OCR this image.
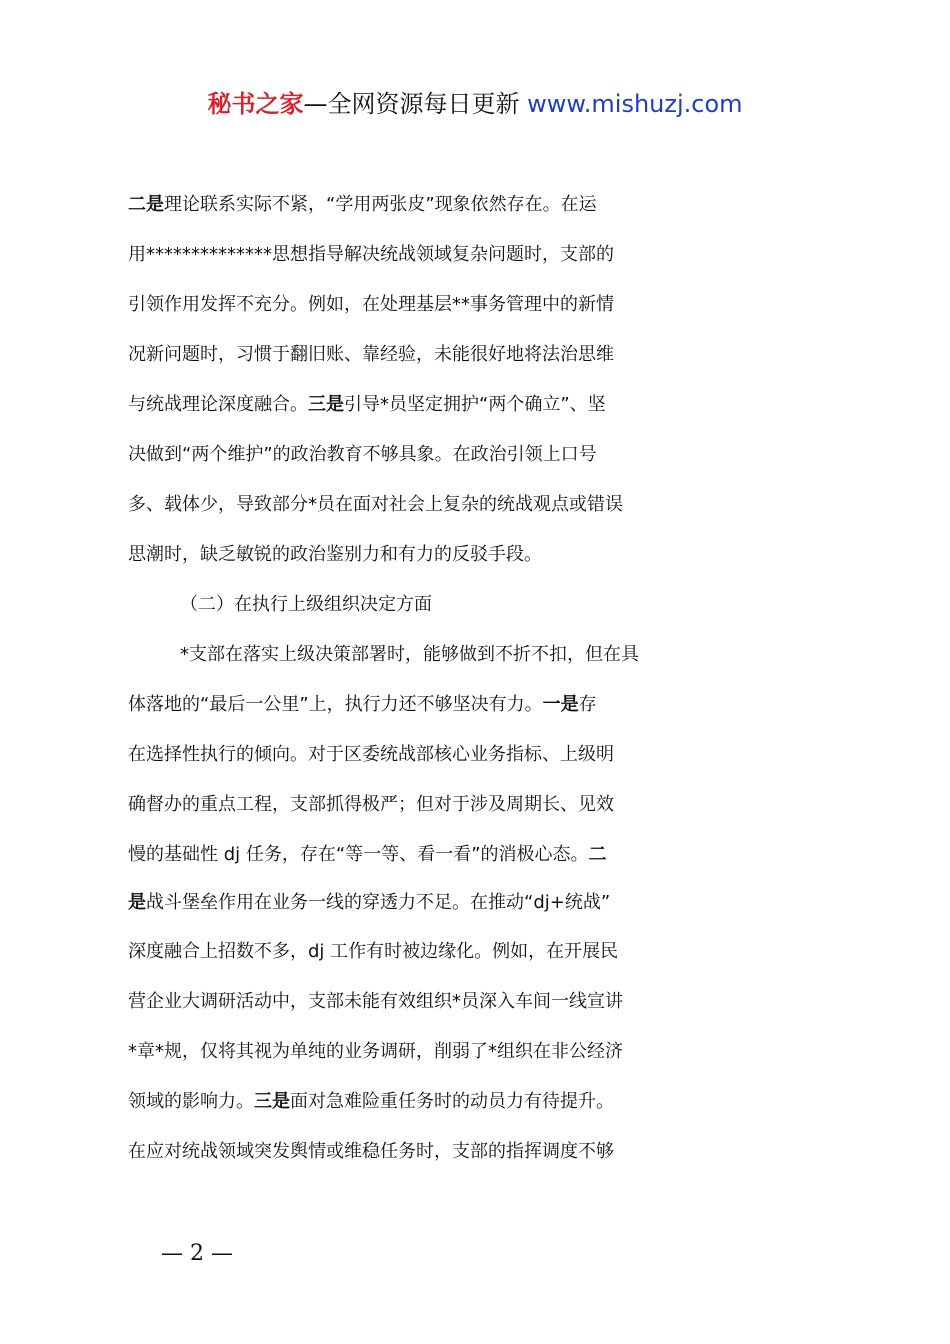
秘书之家—全网资源每日更新 www.mishuzj.com
二是理论联系实际不紧，“学用两张皮”现象依然存在。在运
用**************思想指导解决统战领域复杂问题时，支部的
引领作用发挥不充分。例如，在处理基层**事务管理中的新情
况新问题时，习惯于翻旧账、靠经验，未能很好地将法治思维
与统战理论深度融合。三是引导*员坚定拥护“两个确立”、坚
决做到“两个维护”的政治教育不够具象。在政治引领上口号
多、载体少，导致部分*员在面对社会上复杂的统战观点或错误
思潮时，缺乏敏锐的政治鉴别力和有力的反驳手段。
（二）在执行上级组织决定方面
*支部在落实上级决策部署时，能够做到不折不扣，但在具
体落地的“最后一公里”上，执行力还不够坚决有力。一是存
在选择性执行的倾向。对于区委统战部核心业务指标、上级明
确督办的重点工程，支部抓得极严；但对于涉及周期长、见效
慢的基础性 dj 任务，存在“等一等、看一看”的消极心态。二
是战斗堡垒作用在业务一线的穿透力不足。在推动“dj+统战”
深度融合上招数不多，dj 工作有时被边缘化。例如，在开展民
营企业大调研活动中，支部未能有效组织*员深入车间一线宣讲
*章*规，仅将其视为单纯的业务调研，削弱了*组织在非公经济
领域的影响力。三是面对急难险重任务时的动员力有待提升。
在应对统战领域突发舆情或维稳任务时，支部的指挥调度不够
— 2 —
